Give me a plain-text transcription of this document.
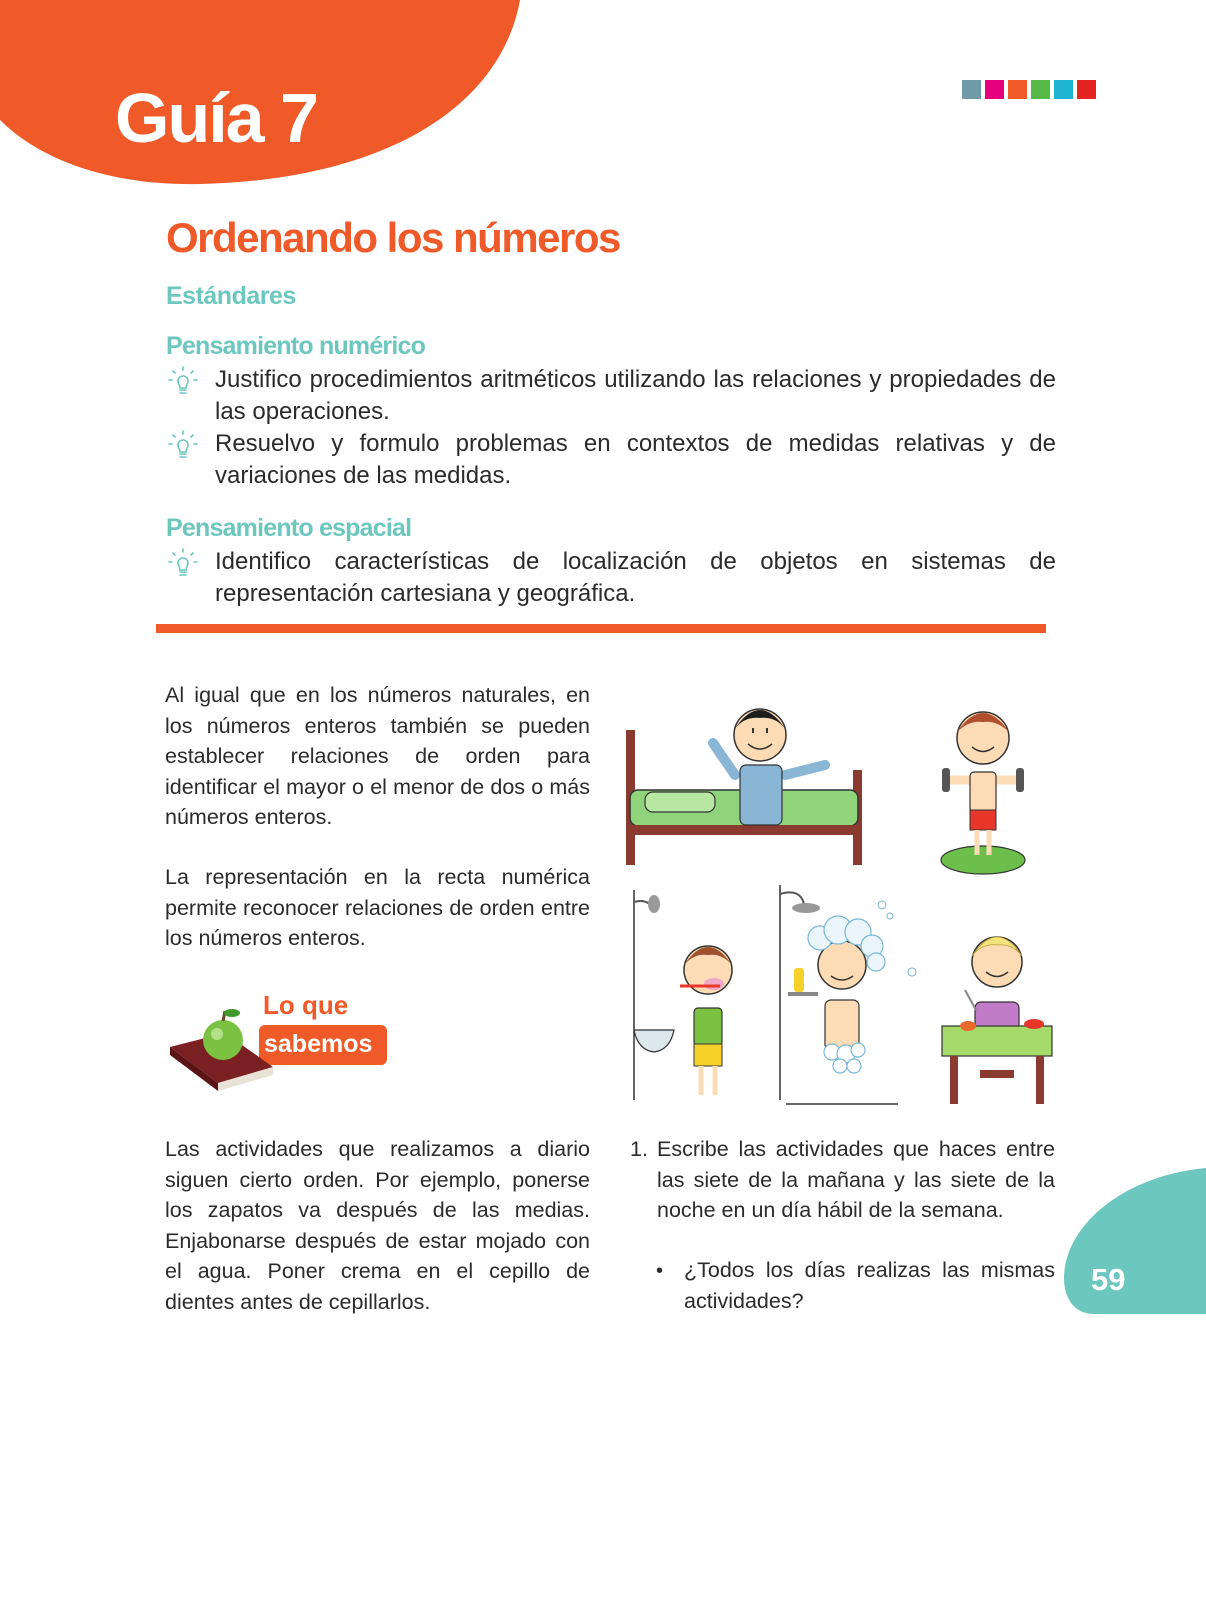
Guía 7
Ordenando los números
Estándares
Pensamiento numérico
Justifico procedimientos aritméticos utilizando las relaciones y propiedades de las operaciones.
Resuelvo y formulo problemas en contextos de medidas relativas y de variaciones de las medidas.
Pensamiento espacial
Identifico características de localización de objetos en sistemas de representación cartesiana y geográfica.

Al igual que en los números naturales, en los números enteros también se pueden establecer relaciones de orden para identificar el mayor o el menor de dos o más números enteros.

La representación en la recta numérica permite reconocer relaciones de orden entre los números enteros.

Lo que
sabemos

Las actividades que realizamos a diario siguen cierto orden. Por ejemplo, ponerse los zapatos va después de las medias. Enjabonarse después de estar mojado con el agua. Poner crema en el cepillo de dientes antes de cepillarlos.

1. Escribe las actividades que haces entre las siete de la mañana y las siete de la noche en un día hábil de la semana.

• ¿Todos los días realizas las mismas actividades?

59
